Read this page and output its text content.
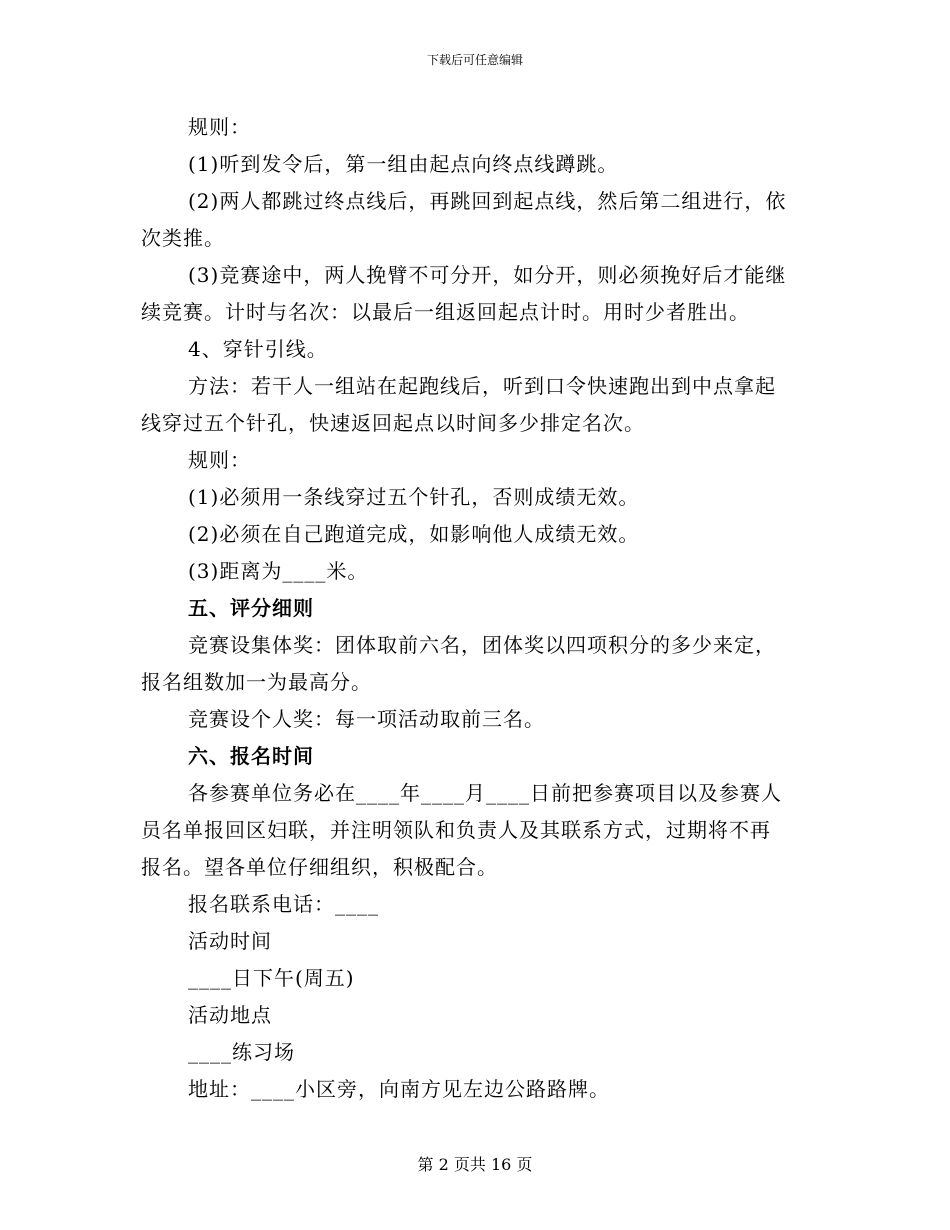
下载后可任意编辑
规则：
(1)听到发令后，第一组由起点向终点线蹲跳。
(2)两人都跳过终点线后，再跳回到起点线，然后第二组进行，依
次类推。
(3)竞赛途中，两人挽臂不可分开，如分开，则必须挽好后才能继
续竞赛。计时与名次：以最后一组返回起点计时。用时少者胜出。
4、穿针引线。
方法：若干人一组站在起跑线后，听到口令快速跑出到中点拿起
线穿过五个针孔，快速返回起点以时间多少排定名次。
规则：
(1)必须用一条线穿过五个针孔，否则成绩无效。
(2)必须在自己跑道完成，如影响他人成绩无效。
(3)距离为____米。
五、评分细则
竞赛设集体奖：团体取前六名，团体奖以四项积分的多少来定，
报名组数加一为最高分。
竞赛设个人奖：每一项活动取前三名。
六、报名时间
各参赛单位务必在____年____月____日前把参赛项目以及参赛人
员名单报回区妇联，并注明领队和负责人及其联系方式，过期将不再
报名。望各单位仔细组织，积极配合。
报名联系电话：____
活动时间
____日下午(周五)
活动地点
____练习场
地址：____小区旁，向南方见左边公路路牌。
第 2 页共 16 页
